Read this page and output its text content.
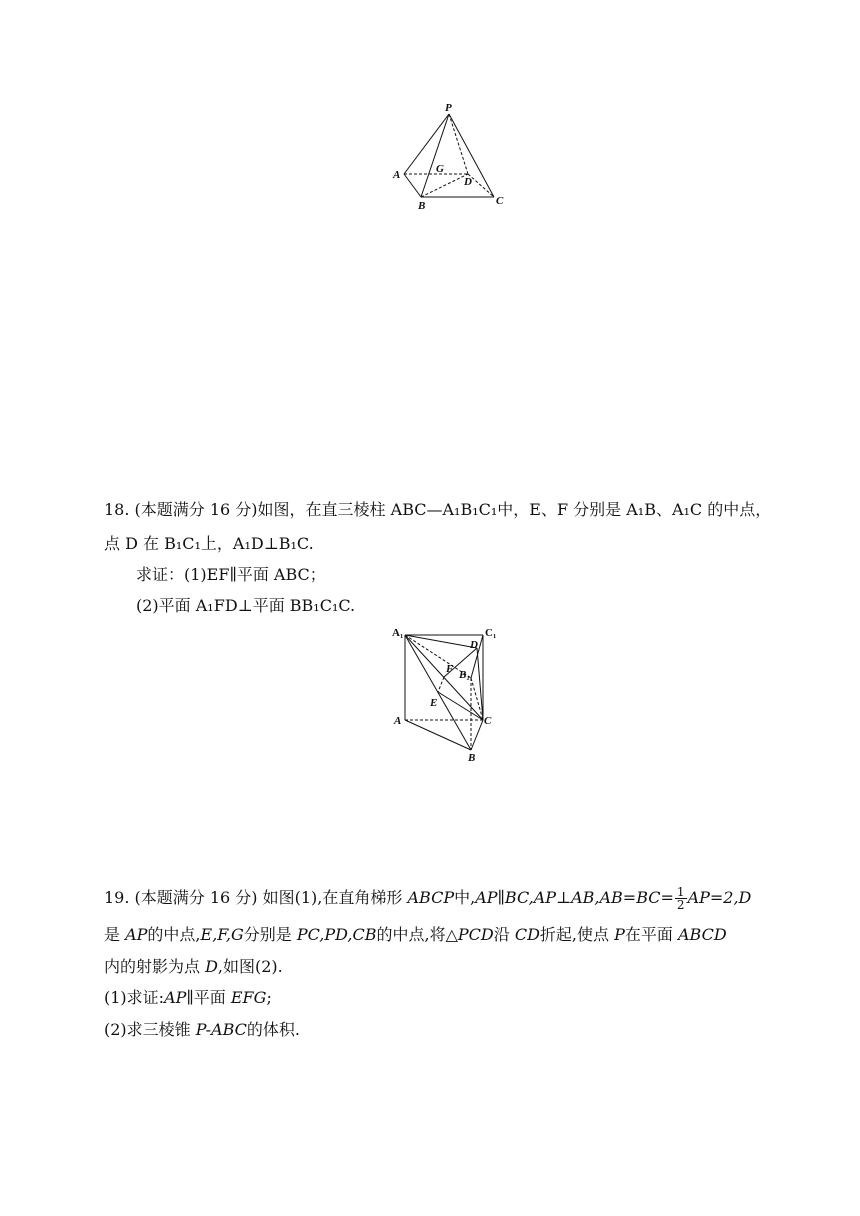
P
A
B	C
D
G

18. (本题满分 16 分)如图，在直三棱柱 ABC—A₁B₁C₁中，E、F 分别是 A₁B、A₁C 的中点，

点 D 在 B₁C₁上，A₁D⊥B₁C.

求证：(1)EF∥平面 ABC；

(2)平面 A₁FD⊥平面 BB₁C₁C.

A₁	C₁
D
F B₁
E
A	C
B

19. (本题满分 16 分) 如图(1),在直角梯形 ABCP中,AP∥BC,AP⊥AB,AB=BC= $\frac{1}{2} AP=2,D$

是 AP的中点,E,F,G分别是 PC,PD,CB的中点,将△PCD沿 CD折起,使点 P在平面 ABCD

内的射影为点 D,如图(2).

(1)求证:AP∥平面 EFG;

(2)求三棱锥 P-ABC的体积.
